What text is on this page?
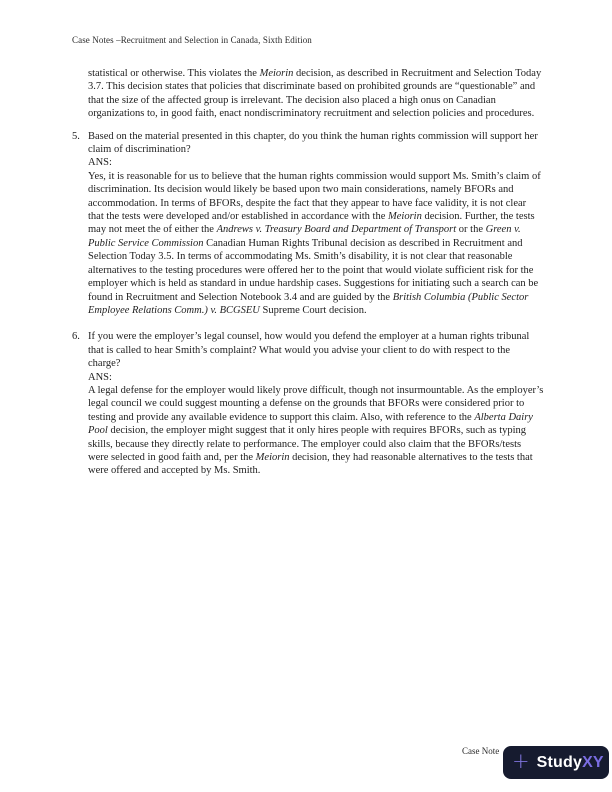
Case Notes –Recruitment and Selection in Canada, Sixth Edition

statistical or otherwise. This violates the Meiorin decision, as described in Recruitment and Selection Today 3.7. This decision states that policies that discriminate based on prohibited grounds are “questionable” and that the size of the affected group is irrelevant. The decision also placed a high onus on Canadian organizations to, in good faith, enact nondiscriminatory recruitment and selection policies and procedures.

5. Based on the material presented in this chapter, do you think the human rights commission will support her claim of discrimination?

ANS:

Yes, it is reasonable for us to believe that the human rights commission would support Ms. Smith’s claim of discrimination. Its decision would likely be based upon two main considerations, namely BFORs and accommodation. In terms of BFORs, despite the fact that they appear to have face validity, it is not clear that the tests were developed and/or established in accordance with the Meiorin decision. Further, the tests may not meet the of either the Andrews v. Treasury Board and Department of Transport or the Green v. Public Service Commission Canadian Human Rights Tribunal decision as described in Recruitment and Selection Today 3.5. In terms of accommodating Ms. Smith’s disability, it is not clear that reasonable alternatives to the testing procedures were offered her to the point that would violate sufficient risk for the employer which is held as standard in undue hardship cases. Suggestions for initiating such a search can be found in Recruitment and Selection Notebook 3.4 and are guided by the British Columbia (Public Sector Employee Relations Comm.) v. BCGSEU Supreme Court decision.

6. If you were the employer’s legal counsel, how would you defend the employer at a human rights tribunal that is called to hear Smith’s complaint? What would you advise your client to do with respect to the charge?

ANS:

A legal defense for the employer would likely prove difficult, though not insurmountable. As the employer’s legal council we could suggest mounting a defense on the grounds that BFORs were considered prior to testing and provide any available evidence to support this claim. Also, with reference to the Alberta Dairy Pool decision, the employer might suggest that it only hires people with requires BFORs, such as typing skills, because they directly relate to performance. The employer could also claim that the BFORs/tests were selected in good faith and, per the Meiorin decision, they had reasonable alternatives to the tests that were offered and accepted by Ms. Smith.

Case Note + StudyXY
